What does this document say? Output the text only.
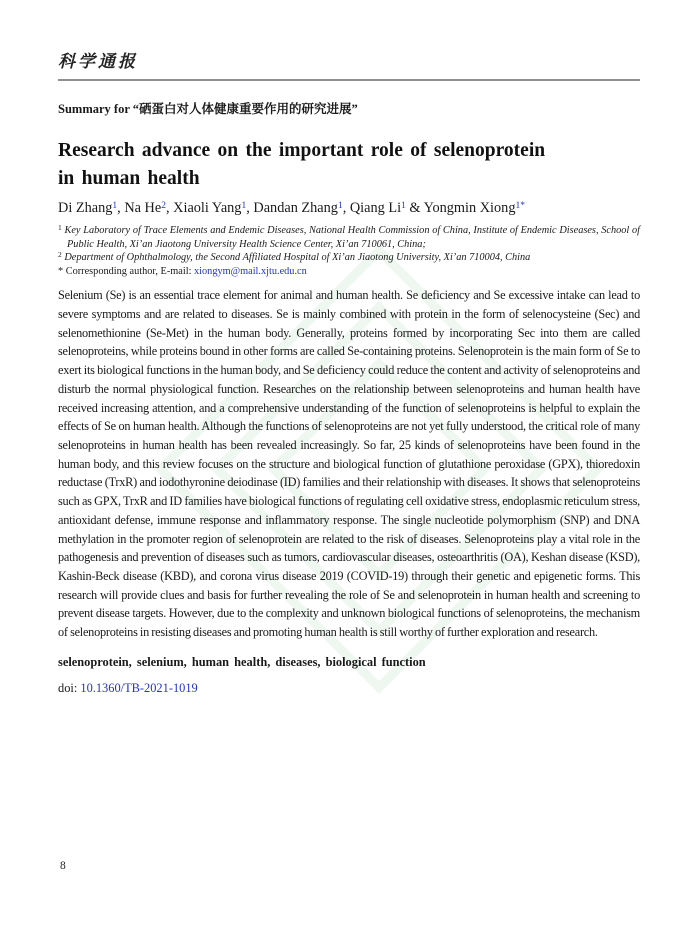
科学通报
Summary for “硒蛋白对人体健康重要作用的研究进展”
Research advance on the important role of selenoprotein
in human health
Di Zhang$^1$, Na He$^2$, Xiaoli Yang$^1$, Dandan Zhang$^1$, Qiang Li$^1$ & Yongmin Xiong$^{1*}$
$^1$ Key Laboratory of Trace Elements and Endemic Diseases, National Health Commission of China, Institute of Endemic Diseases, School of Public Health, Xi’an Jiaotong University Health Science Center, Xi’an 710061, China;
$^2$ Department of Ophthalmology, the Second Affiliated Hospital of Xi’an Jiaotong University, Xi’an 710004, China
* Corresponding author, E-mail: xiongym@mail.xjtu.edu.cn

Selenium (Se) is an essential trace element for animal and human health. Se deficiency and Se excessive intake can lead to severe symptoms and are related to diseases. Se is mainly combined with protein in the form of selenocysteine (Sec) and selenomethionine (Se-Met) in the human body. Generally, proteins formed by incorporating Sec into them are called selenoproteins, while proteins bound in other forms are called Se-containing proteins. Selenoprotein is the main form of Se to exert its biological functions in the human body, and Se deficiency could reduce the content and activity of selenoproteins and disturb the normal physiological function. Researches on the relationship between selenoproteins and human health have received increasing attention, and a comprehensive understanding of the function of selenoproteins is helpful to explain the effects of Se on human health. Although the functions of selenoproteins are not yet fully understood, the critical role of many selenoproteins in human health has been revealed increasingly. So far, 25 kinds of selenoproteins have been found in the human body, and this review focuses on the structure and biological function of glutathione peroxidase (GPX), thioredoxin reductase (TrxR) and iodothyronine deiodinase (ID) families and their relationship with diseases. It shows that selenoproteins such as GPX, TrxR and ID families have biological functions of regulating cell oxidative stress, endoplasmic reticulum stress, antioxidant defense, immune response and inflammatory response. The single nucleotide polymorphism (SNP) and DNA methylation in the promoter region of selenoprotein are related to the risk of diseases. Selenoproteins play a vital role in the pathogenesis and prevention of diseases such as tumors, cardiovascular diseases, osteoarthritis (OA), Keshan disease (KSD), Kashin-Beck disease (KBD), and corona virus disease 2019 (COVID-19) through their genetic and epigenetic forms. This research will provide clues and basis for further revealing the role of Se and selenoprotein in human health and screening to prevent disease targets. However, due to the complexity and unknown biological functions of selenoproteins, the mechanism of selenoproteins in resisting diseases and promoting human health is still worthy of further exploration and research.

selenoprotein, selenium, human health, diseases, biological function

doi: 10.1360/TB-2021-1019

8
